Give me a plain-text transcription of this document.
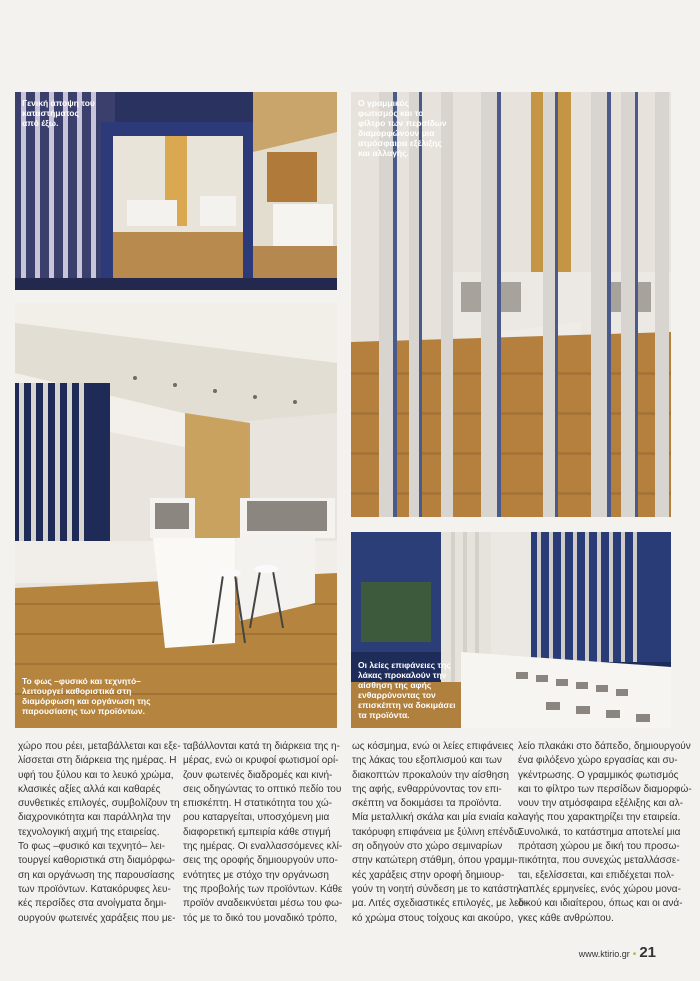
Γενική άποψη του
καταστήματος
από έξω.
Ο γραμμικός
φωτισμός και το
φίλτρο των περσίδων
διαμορφώνουν μια
ατμόσφαιρα εξέλιξης
και αλλαγής.
Το φως –φυσικό και τεχνητό–
λειτουργεί καθοριστικά στη
διαμόρφωση και οργάνωση της
παρουσίασης των προϊόντων.
Οι λείες επιφάνειες της
λάκας προκαλούν την
αίσθηση της αφής
ενθαρρύνοντας τον
επισκέπτη να δοκιμάσει
τα προϊόντα.
χώρο που ρέει, μεταβάλλεται και εξε-
λίσσεται στη διάρκεια της ημέρας. Η
υφή του ξύλου και το λευκό χρώμα,
κλασικές αξίες αλλά και καθαρές
συνθετικές επιλογές, συμβολίζουν τη
διαχρονικότητα και παράλληλα την
τεχνολογική αιχμή της εταιρείας.
Το φως –φυσικό και τεχνητό– λει-
τουργεί καθοριστικά στη διαμόρφω-
ση και οργάνωση της παρουσίασης
των προϊόντων. Κατακόρυφες λευ-
κές περσίδες στα ανοίγματα δημι-
ουργούν φωτεινές χαράξεις που με-
ταβάλλονται κατά τη διάρκεια της η-
μέρας, ενώ οι κρυφοί φωτισμοί ορί-
ζουν φωτεινές διαδρομές και κινή-
σεις οδηγώντας το οπτικό πεδίο του
επισκέπτη. Η στατικότητα του χώ-
ρου καταργείται, υποσχόμενη μια
διαφορετική εμπειρία κάθε στιγμή
της ημέρας. Οι εναλλασσόμενες κλί-
σεις της οροφής δημιουργούν υπο-
ενότητες με στόχο την οργάνωση
της προβολής των προϊόντων. Κάθε
προϊόν αναδεικνύεται μέσω του φω-
τός με το δικό του μοναδικό τρόπο,
ως κόσμημα, ενώ οι λείες επιφάνειες
της λάκας του εξοπλισμού και των
διακοπτών προκαλούν την αίσθηση
της αφής, ενθαρρύνοντας τον επι-
σκέπτη να δοκιμάσει τα προϊόντα.
Μία μεταλλική σκάλα και μία ενιαία κα-
τακόρυφη επιφάνεια με ξύλινη επένδυ-
ση οδηγούν στο χώρο σεμιναρίων
στην κατώτερη στάθμη, όπου γραμμι-
κές χαράξεις στην οροφή δημιουρ-
γούν τη νοητή σύνδεση με το κατάστη-
μα. Λιτές σχεδιαστικές επιλογές, με λευ-
κό χρώμα στους τοίχους και ακούρο,
λείο πλακάκι στο δάπεδο, δημιουργούν
ένα φιλόξενο χώρο εργασίας και συ-
γκέντρωσης. Ο γραμμικός φωτισμός
και το φίλτρο των περσίδων διαμορφώ-
νουν την ατμόσφαιρα εξέλιξης και αλ-
λαγής που χαρακτηρίζει την εταιρεία.
Συνολικά, το κατάστημα αποτελεί μια
πρόταση χώρου με δική του προσω-
πικότητα, που συνεχώς μεταλλάσσε-
ται, εξελίσσεται, και επιδέχεται πολ-
λαπλές ερμηνείες, ενός χώρου μονα-
δικού και ιδιαίτερου, όπως και οι ανά-
γκες κάθε ανθρώπου.
www.ktirio.gr • 21
